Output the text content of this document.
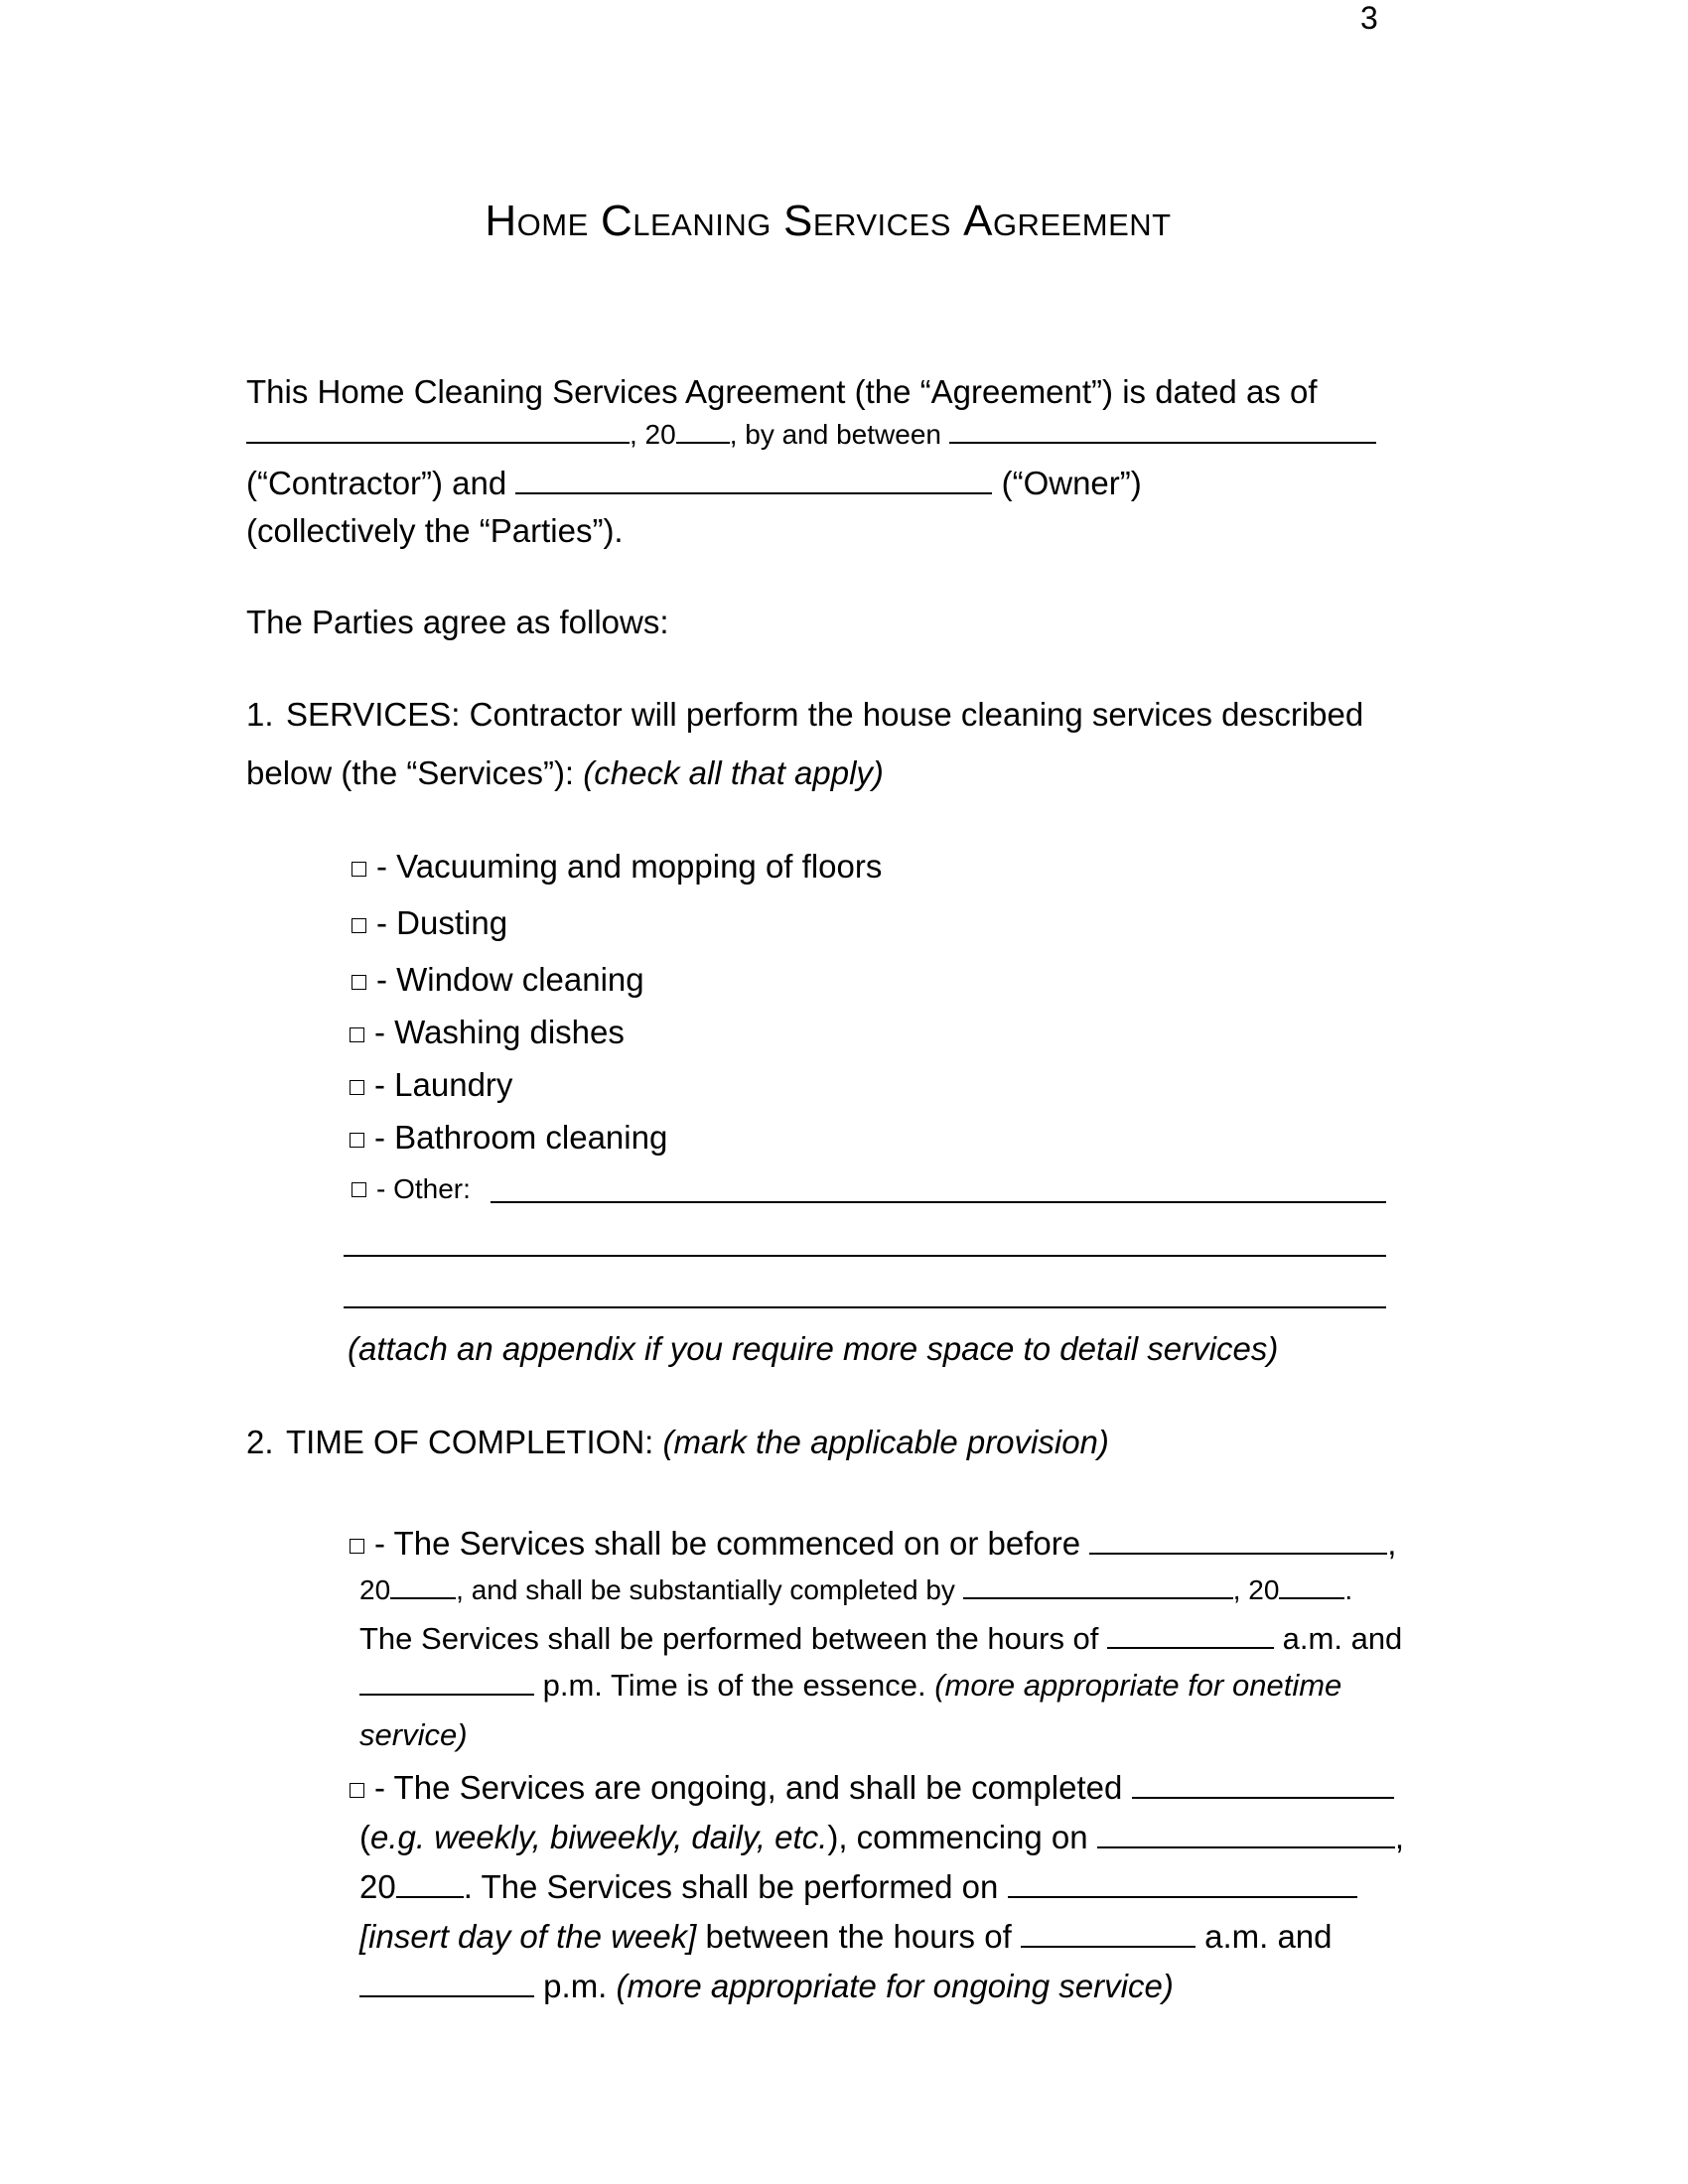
3
HOME CLEANING SERVICES AGREEMENT
This Home Cleaning Services Agreement (the “Agreement”) is dated as of
, 20 , by and between
(“Contractor”) and	(“Owner”)
(collectively the “Parties”).
The Parties agree as follows:
1. SERVICES: Contractor will perform the house cleaning services described
below (the “Services”): (check all that apply)
- Vacuuming and mopping of floors
- Dusting
- Window cleaning
- Washing dishes
- Laundry
- Bathroom cleaning
- Other:
(attach an appendix if you require more space to detail services)
2. TIME OF COMPLETION: (mark the applicable provision)
- The Services shall be commenced on or before	,
20 , and shall be substantially completed by	, 20 .
The Services shall be performed between the hours of	a.m. and
p.m. Time is of the essence. (more appropriate for onetime
service)
- The Services are ongoing, and shall be completed
(e.g. weekly, biweekly, daily, etc.), commencing on	,
20 . The Services shall be performed on
[insert day of the week] between the hours of	a.m. and
p.m. (more appropriate for ongoing service)
